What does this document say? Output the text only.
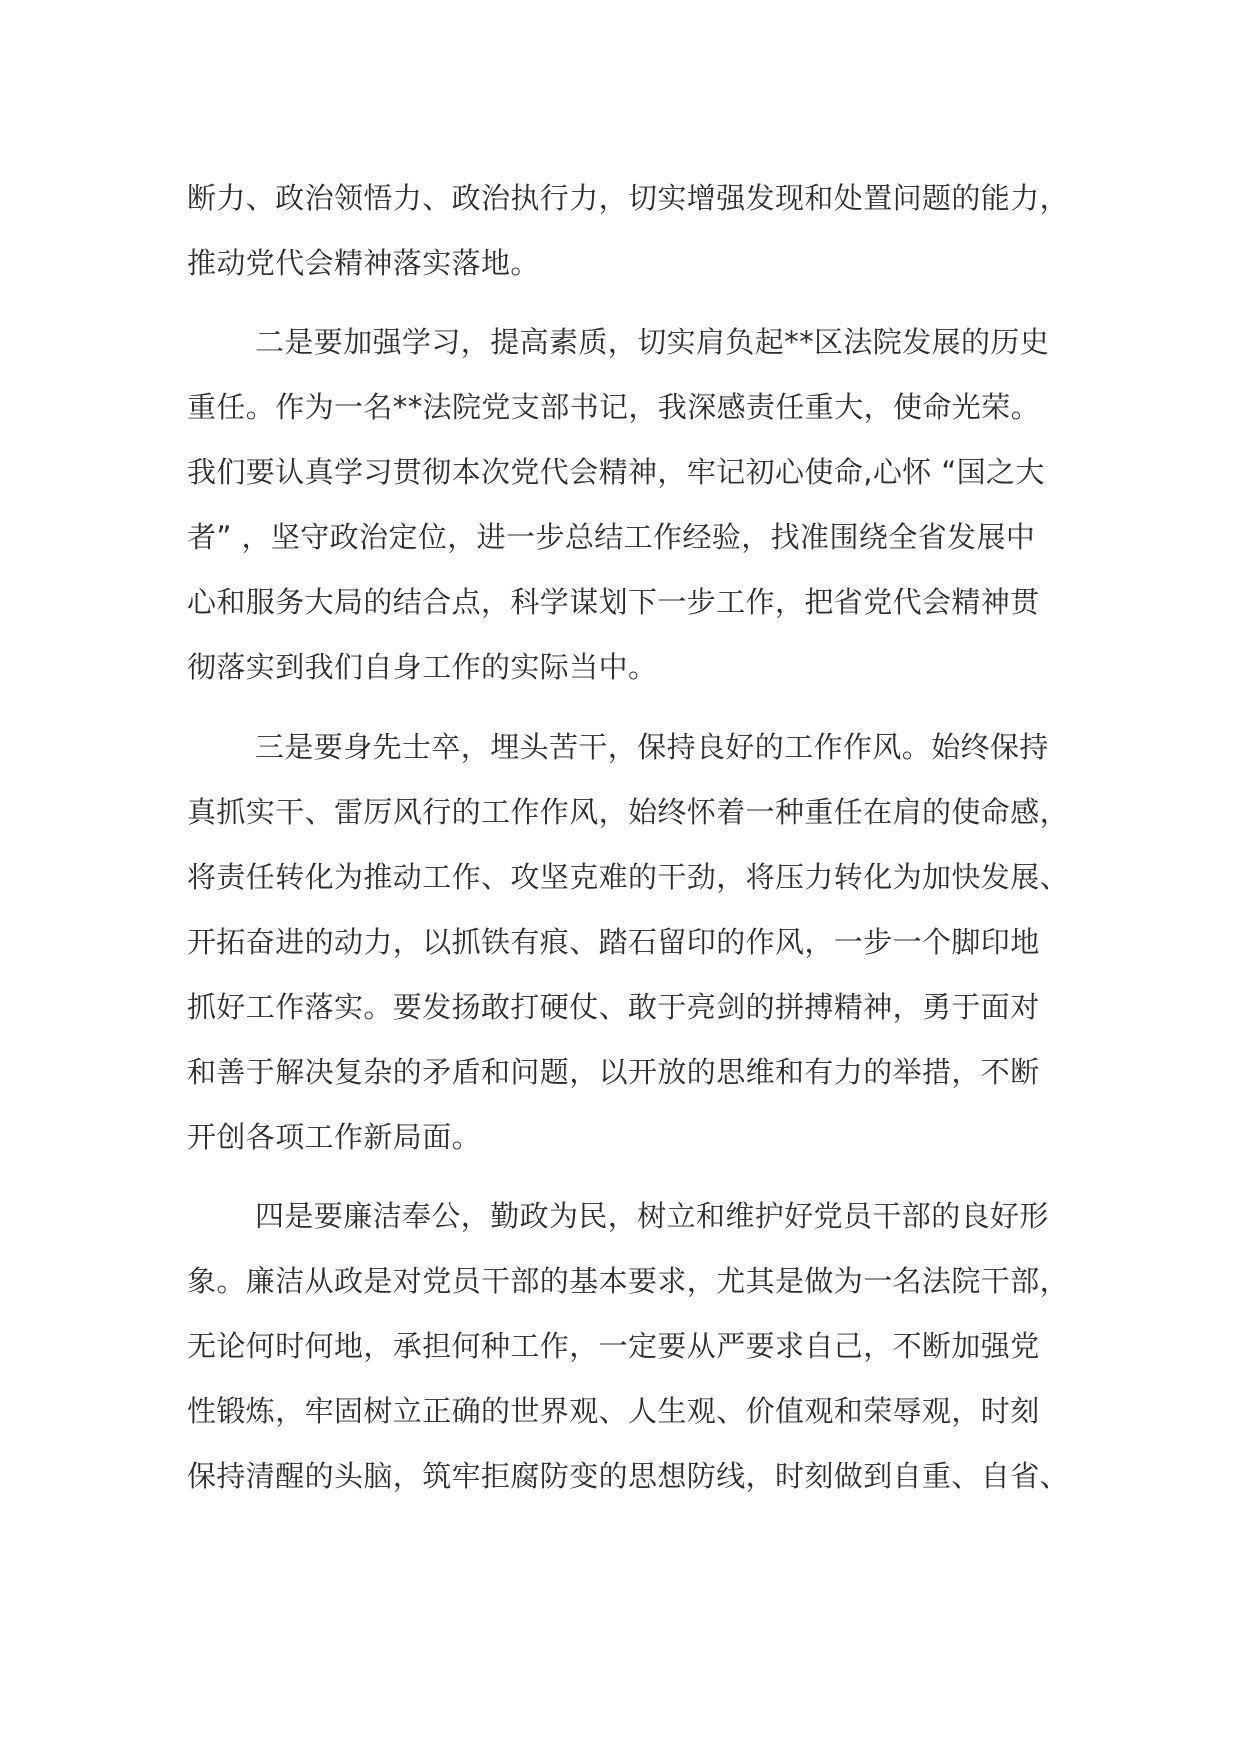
断力、政治领悟力、政治执行力，切实增强发现和处置问题的能力，
推动党代会精神落实落地。
二是要加强学习，提高素质，切实肩负起**区法院发展的历史
重任。作为一名**法院党支部书记，我深感责任重大，使命光荣。
我们要认真学习贯彻本次党代会精神，牢记初心使命,心怀 “国之大
者” ，坚守政治定位，进一步总结工作经验，找准围绕全省发展中
心和服务大局的结合点，科学谋划下一步工作，把省党代会精神贯
彻落实到我们自身工作的实际当中。
三是要身先士卒，埋头苦干，保持良好的工作作风。始终保持
真抓实干、雷厉风行的工作作风，始终怀着一种重任在肩的使命感，
将责任转化为推动工作、攻坚克难的干劲，将压力转化为加快发展、
开拓奋进的动力，以抓铁有痕、踏石留印的作风，一步一个脚印地
抓好工作落实。要发扬敢打硬仗、敢于亮剑的拼搏精神，勇于面对
和善于解决复杂的矛盾和问题，以开放的思维和有力的举措，不断
开创各项工作新局面。
四是要廉洁奉公，勤政为民，树立和维护好党员干部的良好形
象。廉洁从政是对党员干部的基本要求，尤其是做为一名法院干部，
无论何时何地，承担何种工作，一定要从严要求自己，不断加强党
性锻炼，牢固树立正确的世界观、人生观、价值观和荣辱观，时刻
保持清醒的头脑，筑牢拒腐防变的思想防线，时刻做到自重、自省、
